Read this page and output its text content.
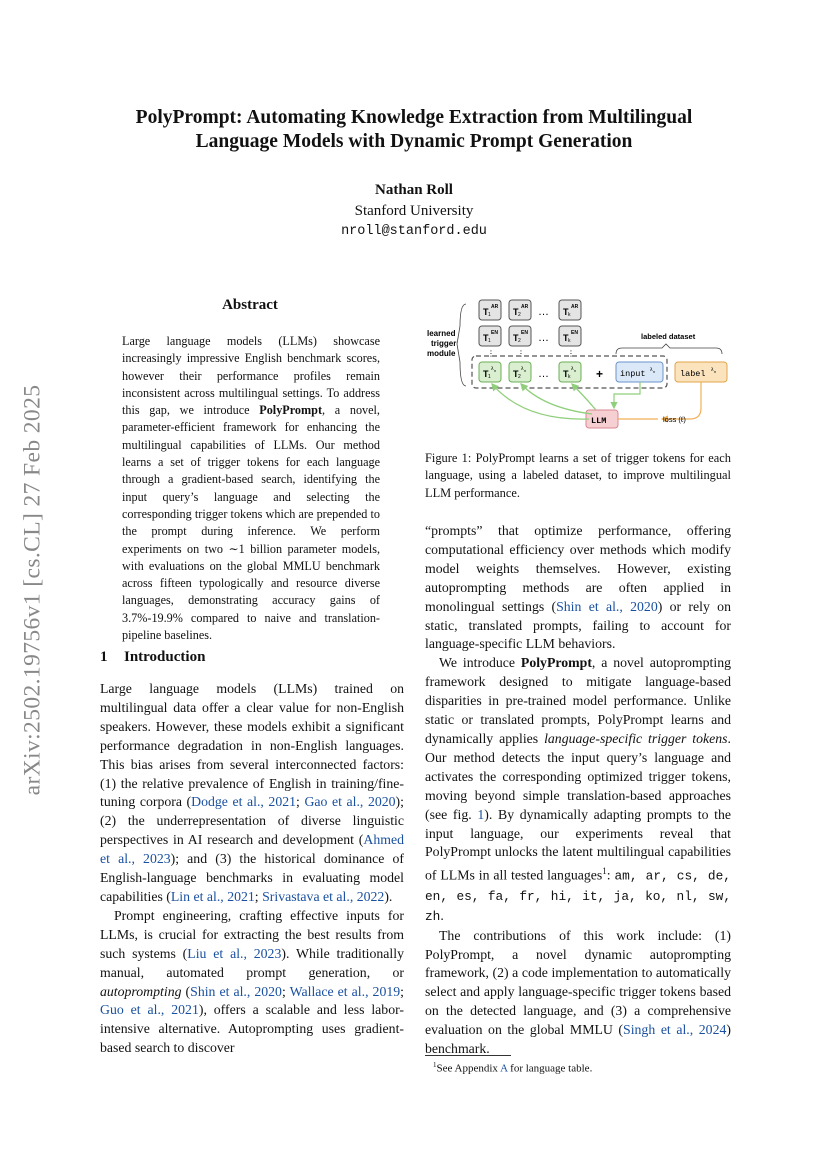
arXiv:2502.19756v1 [cs.CL] 27 Feb 2025
PolyPrompt: Automating Knowledge Extraction from Multilingual
Language Models with Dynamic Prompt Generation
Nathan Roll
Stanford University
nroll@stanford.edu
Abstract
Large language models (LLMs) showcase increasingly impressive English benchmark scores, however their performance profiles remain inconsistent across multilingual settings. To address this gap, we introduce PolyPrompt, a novel, parameter-efficient framework for enhancing the multilingual capabilities of LLMs. Our method learns a set of trigger tokens for each language through a gradient-based search, identifying the input query’s language and selecting the corresponding trigger tokens which are prepended to the prompt during inference. We perform experiments on two ∼1 billion parameter models, with evaluations on the global MMLU benchmark across fifteen typologically and resource diverse languages, demonstrating accuracy gains of 3.7%-19.9% compared to naive and translation-pipeline baselines.
1 Introduction

Large language models (LLMs) trained on multilingual data offer a clear value for non-English speakers. However, these models exhibit a significant performance degradation in non-English languages. This bias arises from several interconnected factors: (1) the relative prevalence of English in training/fine-tuning corpora (Dodge et al., 2021; Gao et al., 2020); (2) the underrepresentation of diverse linguistic perspectives in AI research and development (Ahmed et al., 2023); and (3) the historical dominance of English-language benchmarks in evaluating model capabilities (Lin et al., 2021; Srivastava et al., 2022).

Prompt engineering, crafting effective inputs for LLMs, is crucial for extracting the best results from such systems (Liu et al., 2023). While traditionally manual, automated prompt generation, or autoprompting (Shin et al., 2020; Wallace et al., 2019; Guo et al., 2021), offers a scalable and less labor-intensive alternative. Autoprompting uses gradient-based search to discover

learned
trigger
module
T 1
AR T 2
AR … T k
AR
T 1
EN T 2
EN … T k
EN
⋮	⋮	⋮
labeled dataset
T 1
λ n T 2
λ n … T k
λ n + input λ n	label λ n
LLM	loss (ℓ)
Figure 1: PolyPrompt learns a set of trigger tokens for each language, using a labeled dataset, to improve multilingual LLM performance.

“prompts” that optimize performance, offering computational efficiency over methods which modify model weights themselves. However, existing autoprompting methods are often applied in monolingual settings (Shin et al., 2020) or rely on static, translated prompts, failing to account for language-specific LLM behaviors.

We introduce PolyPrompt, a novel autoprompting framework designed to mitigate language-based disparities in pre-trained model performance. Unlike static or translated prompts, PolyPrompt learns and dynamically applies language-specific trigger tokens. Our method detects the input query’s language and activates the corresponding optimized trigger tokens, moving beyond simple translation-based approaches (see fig. 1). By dynamically adapting prompts to the input language, our experiments reveal that PolyPrompt unlocks the latent multilingual capabilities of LLMs in all tested languages$^1$: am, ar, cs, de, en, es, fa, fr, hi, it, ja, ko, nl, sw, zh.

The contributions of this work include: (1) PolyPrompt, a novel dynamic autoprompting framework, (2) a code implementation to automatically select and apply language-specific trigger tokens based on the detected language, and (3) a comprehensive evaluation on the global MMLU (Singh et al., 2024) benchmark.

$^1$See Appendix A for language table.
